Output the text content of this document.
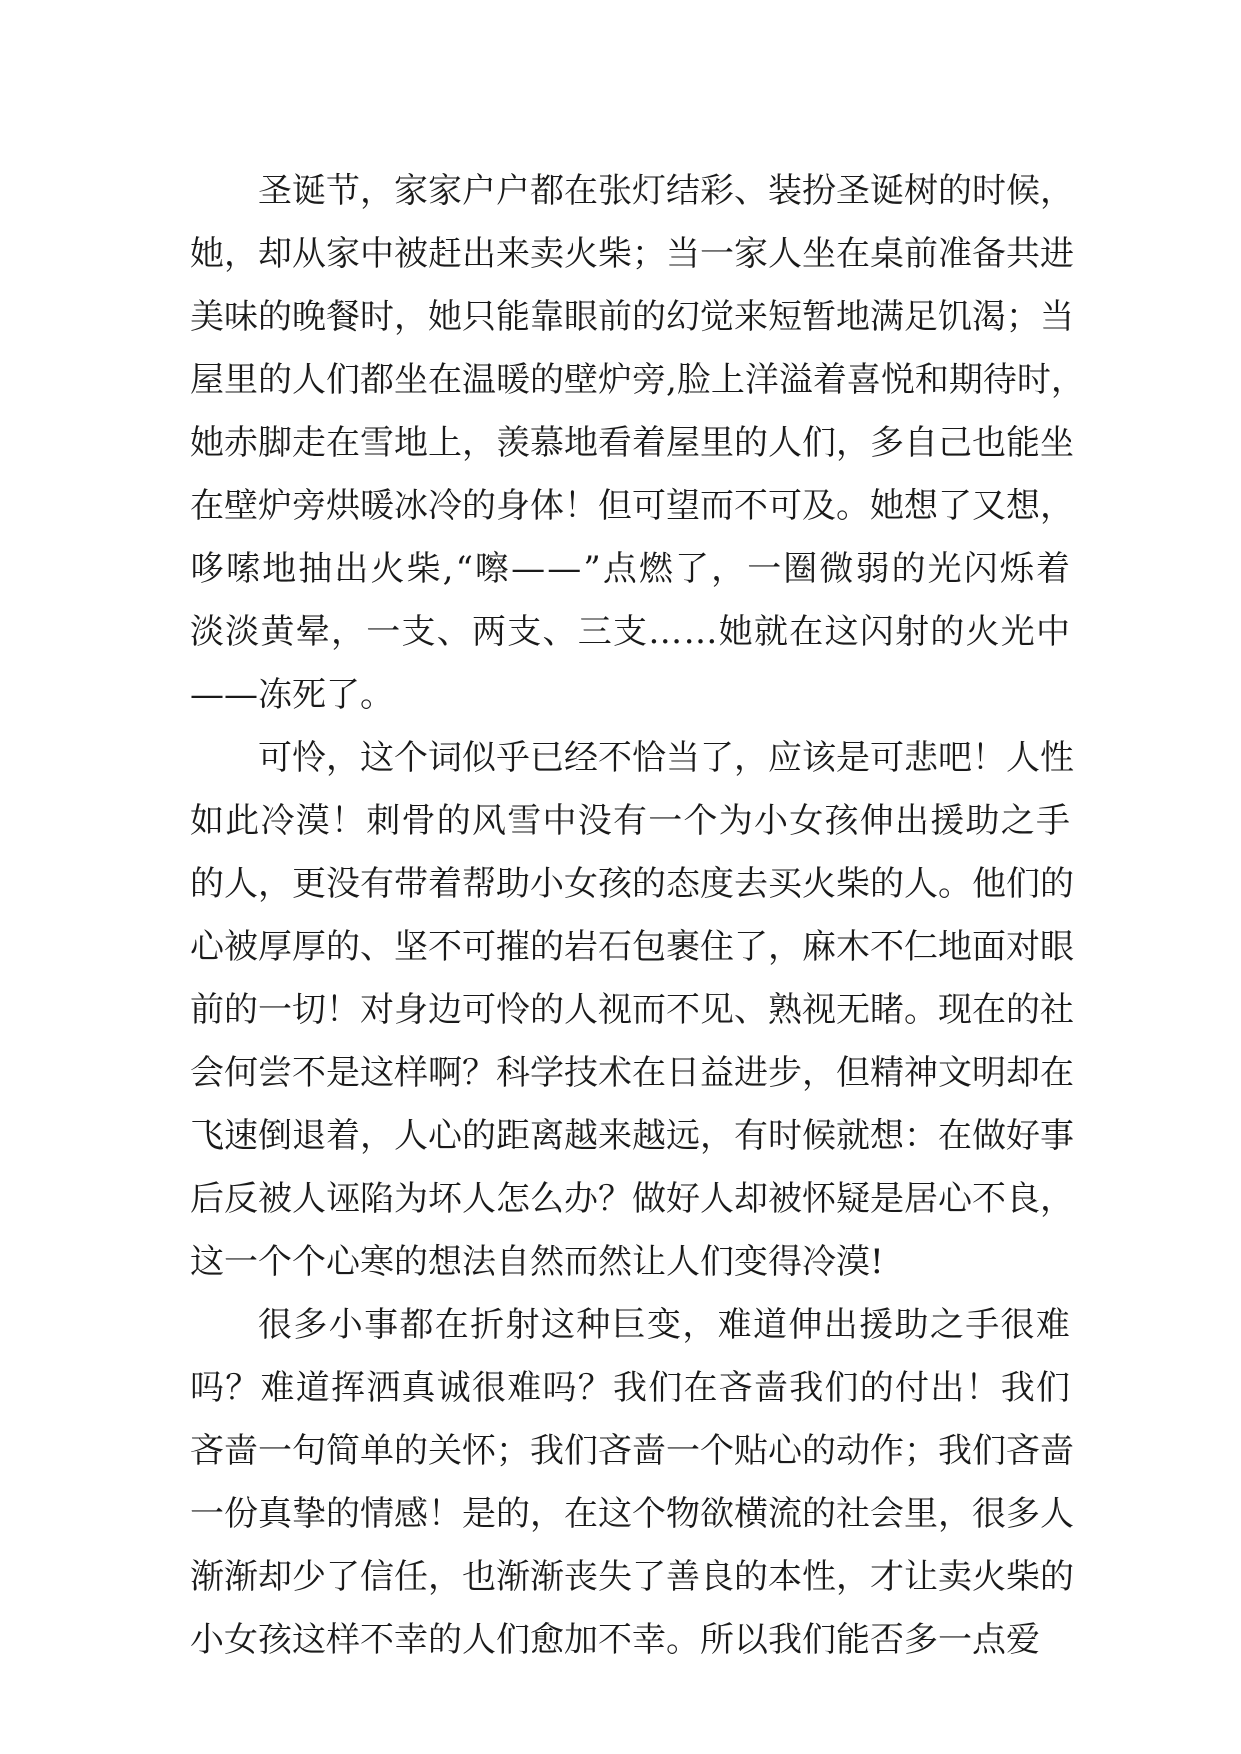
圣 诞 节 ， 家 家 户 户 都 在 张 灯 结 彩 、 装 扮 圣 诞 树 的 时 候 ，
她 ， 却 从 家 中 被 赶 出 来 卖 火 柴 ； 当 一 家 人 坐 在 桌 前 准 备 共 进
美 味 的 晚 餐 时 ， 她 只 能 靠 眼 前 的 幻 觉 来 短 暂 地 满 足 饥 渴 ； 当
屋 里 的 人 们 都 坐 在 温 暖 的 壁 炉 旁 , 脸 上 洋 溢 着 喜 悦 和 期 待 时 ，
她 赤 脚 走 在 雪 地 上 ， 羡 慕 地 看 着 屋 里 的 人 们 ， 多 自 己 也 能 坐
在 壁 炉 旁 烘 暖 冰 冷 的 身 体 ！ 但 可 望 而 不 可 及 。 她 想 了 又 想 ，
哆 嗦 地 抽 出 火 柴 , “ 嚓 — — ” 点 燃 了 ， 一 圈 微 弱 的 光 闪 烁 着
淡 淡 黄 晕 ， 一 支 、 两 支 、 三 支 … … 她 就 在 这 闪 射 的 火 光 中
——冻死了。
可 怜 ， 这 个 词 似 乎 已 经 不 恰 当 了 ， 应 该 是 可 悲 吧 ！ 人 性
如 此 冷 漠 ！ 刺 骨 的 风 雪 中 没 有 一 个 为 小 女 孩 伸 出 援 助 之 手
的 人 ， 更 没 有 带 着 帮 助 小 女 孩 的 态 度 去 买 火 柴 的 人 。 他 们 的
心 被 厚 厚 的 、 坚 不 可 摧 的 岩 石 包 裹 住 了 ， 麻 木 不 仁 地 面 对 眼
前 的 一 切 ！ 对 身 边 可 怜 的 人 视 而 不 见 、 熟 视 无 睹 。 现 在 的 社
会 何 尝 不 是 这 样 啊 ？ 科 学 技 术 在 日 益 进 步 ， 但 精 神 文 明 却 在
飞 速 倒 退 着 ， 人 心 的 距 离 越 来 越 远 ， 有 时 候 就 想 ： 在 做 好 事
后 反 被 人 诬 陷 为 坏 人 怎 么 办 ？ 做 好 人 却 被 怀 疑 是 居 心 不 良 ，
这一个个心寒的想法自然而然让人们变得冷漠!
很 多 小 事 都 在 折 射 这 种 巨 变 ， 难 道 伸 出 援 助 之 手 很 难
吗 ？ 难 道 挥 洒 真 诚 很 难 吗 ？ 我 们 在 吝 啬 我 们 的 付 出 ！ 我 们
吝 啬 一 句 简 单 的 关 怀 ； 我 们 吝 啬 一 个 贴 心 的 动 作 ； 我 们 吝 啬
一 份 真 挚 的 情 感 ！ 是 的 ， 在 这 个 物 欲 横 流 的 社 会 里 ， 很 多 人
渐 渐 却 少 了 信 任 ， 也 渐 渐 丧 失 了 善 良 的 本 性 ， 才 让 卖 火 柴 的
小女孩这样不幸的人们愈加不幸。所以我们能否多一点爱
